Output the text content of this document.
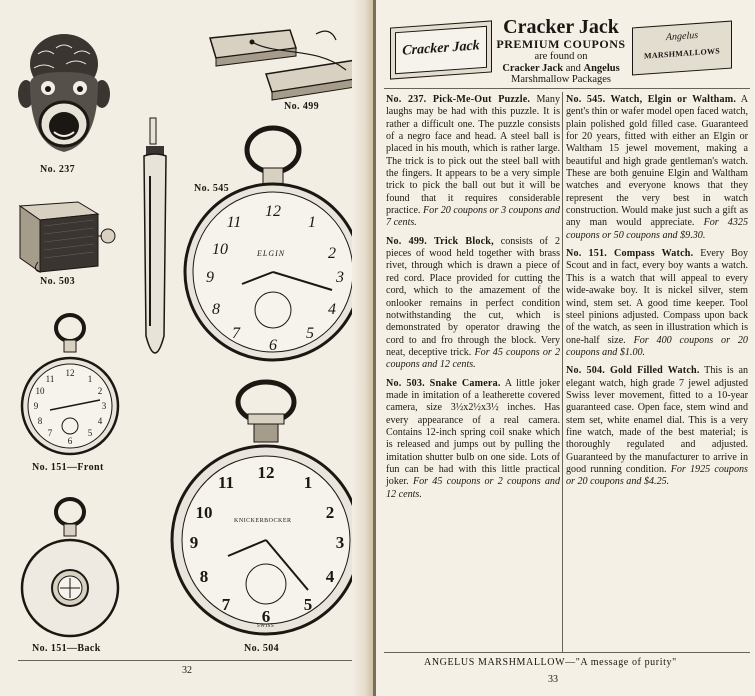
No. 237
No. 499
No. 545
12
1
2
3
4
5
6
7
8
9
10
11
ELGIN
No. 503
12
3
6
9
1
2
4
5
7
8
10
11
No. 151—Front
No. 151—Back
12
1
2
3
4
5
6
7
8
9
10
11
KNICKERBOCKER
SWISS
No. 504
32
Cracker Jack
Cracker Jack
PREMIUM COUPONS
are found on
Cracker Jack and Angelus
Marshmallow Packages
Angelus
MARSHMALLOWS
No. 237. Pick-Me-Out Puzzle. Many laughs may be had with this puzzle. It is rather a difficult one. The puzzle consists of a negro face and head. A steel ball is placed in his mouth, which is rather large. The trick is to pick out the steel ball with the fingers. It appears to be a very simple trick to pick the ball out but it will be found that it requires considerable practice. For 20 coupons or 3 coupons and 7 cents.
No. 499. Trick Block, consists of 2 pieces of wood held together with brass rivet, through which is drawn a piece of red cord. Place provided for cutting the cord, which to the amazement of the onlooker remains in perfect condition notwithstanding the cut, which is demonstrated by operator drawing the cord to and fro through the block. Very neat, deceptive trick. For 45 coupons or 2 coupons and 12 cents.
No. 503. Snake Camera. A little joker made in imitation of a leatherette covered camera, size 3½x2½x3½ inches. Has every appearance of a real camera. Contains 12-inch spring coil snake which is released and jumps out by pulling the imitation shutter bulb on one side. Lots of fun can be had with this little practical joker. For 45 coupons or 2 coupons and 12 cents.
No. 545. Watch, Elgin or Waltham. A gent's thin or wafer model open faced watch, plain polished gold filled case. Guaranteed for 20 years, fitted with either an Elgin or Waltham 15 jewel movement, making a beautiful and high grade gentleman's watch. These are both genuine Elgin and Waltham watches and everyone knows that they represent the very best in watch construction. Would make just such a gift as any man would appreciate. For 4325 coupons or 50 coupons and $9.30.
No. 151. Compass Watch. Every Boy Scout and in fact, every boy wants a watch. This is a watch that will appeal to every wide-awake boy. It is nickel silver, stem wind, stem set. A good time keeper. Tool steel pinions adjusted. Compass upon back of the watch, as seen in illustration which is one-half size. For 400 coupons or 20 coupons and $1.00.
No. 504. Gold Filled Watch. This is an elegant watch, high grade 7 jewel adjusted Swiss lever movement, fitted to a 10-year guaranteed case. Open face, stem wind and stem set, white enamel dial. This is a very fine watch, made of the best material; is thoroughly regulated and adjusted. Guaranteed by the manufacturer to arrive in good running condition. For 1925 coupons or 20 coupons and $4.25.
ANGELUS MARSHMALLOW—"A message of purity"
33
